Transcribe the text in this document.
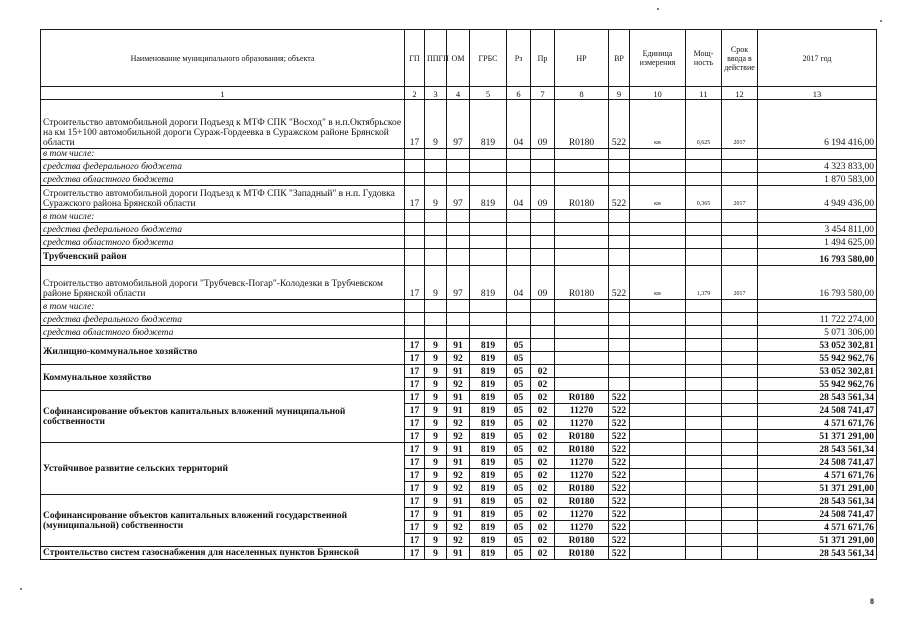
Наименование муниципального образования; объекта	ГП	ППГП	ОМ	ГРБС	Рз	Пр	НР	ВР	Единица измерения	Мощ-ность	Срок ввода в действие	2017 год
1	2	3	4	5	6	7	8	9	10	11	12	13
Строительство автомобильной дороги Подъезд к МТФ СПК "Восход" в н.п.Октябрьское на км 15+100 автомобильной дороги Сураж-Гордеевка в Суражском районе Брянской области	17	9	97	819	04	09	R0180	522	км	0,625	2017	6 194 416,00
в том числе:												
средства федерального бюджета												4 323 833,00
средства областного бюджета												1 870 583,00
Строительство автомобильной дороги Подъезд к МТФ СПК "Западный" в н.п. Гудовка Суражского района Брянской области	17	9	97	819	04	09	R0180	522	км	0,365	2017	4 949 436,00
в том числе:												
средства федерального бюджета												3 454 811,00
средства областного бюджета												1 494 625,00
Трубчевский район												16 793 580,00
Строительство автомобильной дороги "Трубчевск-Погар"-Колодезки в Трубчевском районе Брянской области	17	9	97	819	04	09	R0180	522	км	1,379	2017	16 793 580,00
в том числе:												
средства федерального бюджета												11 722 274,00
средства областного бюджета												5 071 306,00
Жилищно-коммунальное хозяйство	17	9	91	819	05							53 052 302,81
	17	9	92	819	05							55 942 962,76
Коммунальное хозяйство	17	9	91	819	05	02						53 052 302,81
	17	9	92	819	05	02						55 942 962,76
Софинансирование объектов капитальных вложений муниципальной собственности	17	9	91	819	05	02	R0180	522				28 543 561,34
	17	9	91	819	05	02	11270	522				24 508 741,47
	17	9	92	819	05	02	11270	522				4 571 671,76
	17	9	92	819	05	02	R0180	522				51 371 291,00
Устойчивое развитие сельских территорий	17	9	91	819	05	02	R0180	522				28 543 561,34
	17	9	91	819	05	02	11270	522				24 508 741,47
	17	9	92	819	05	02	11270	522				4 571 671,76
	17	9	92	819	05	02	R0180	522				51 371 291,00
Софинансирование объектов капитальных вложений государственной (муниципальной) собственности	17	9	91	819	05	02	R0180	522				28 543 561,34
	17	9	91	819	05	02	11270	522				24 508 741,47
	17	9	92	819	05	02	11270	522				4 571 671,76
	17	9	92	819	05	02	R0180	522				51 371 291,00
Строительство систем газоснабжения для населенных пунктов Брянской	17	9	91	819	05	02	R0180	522				28 543 561,34
8
